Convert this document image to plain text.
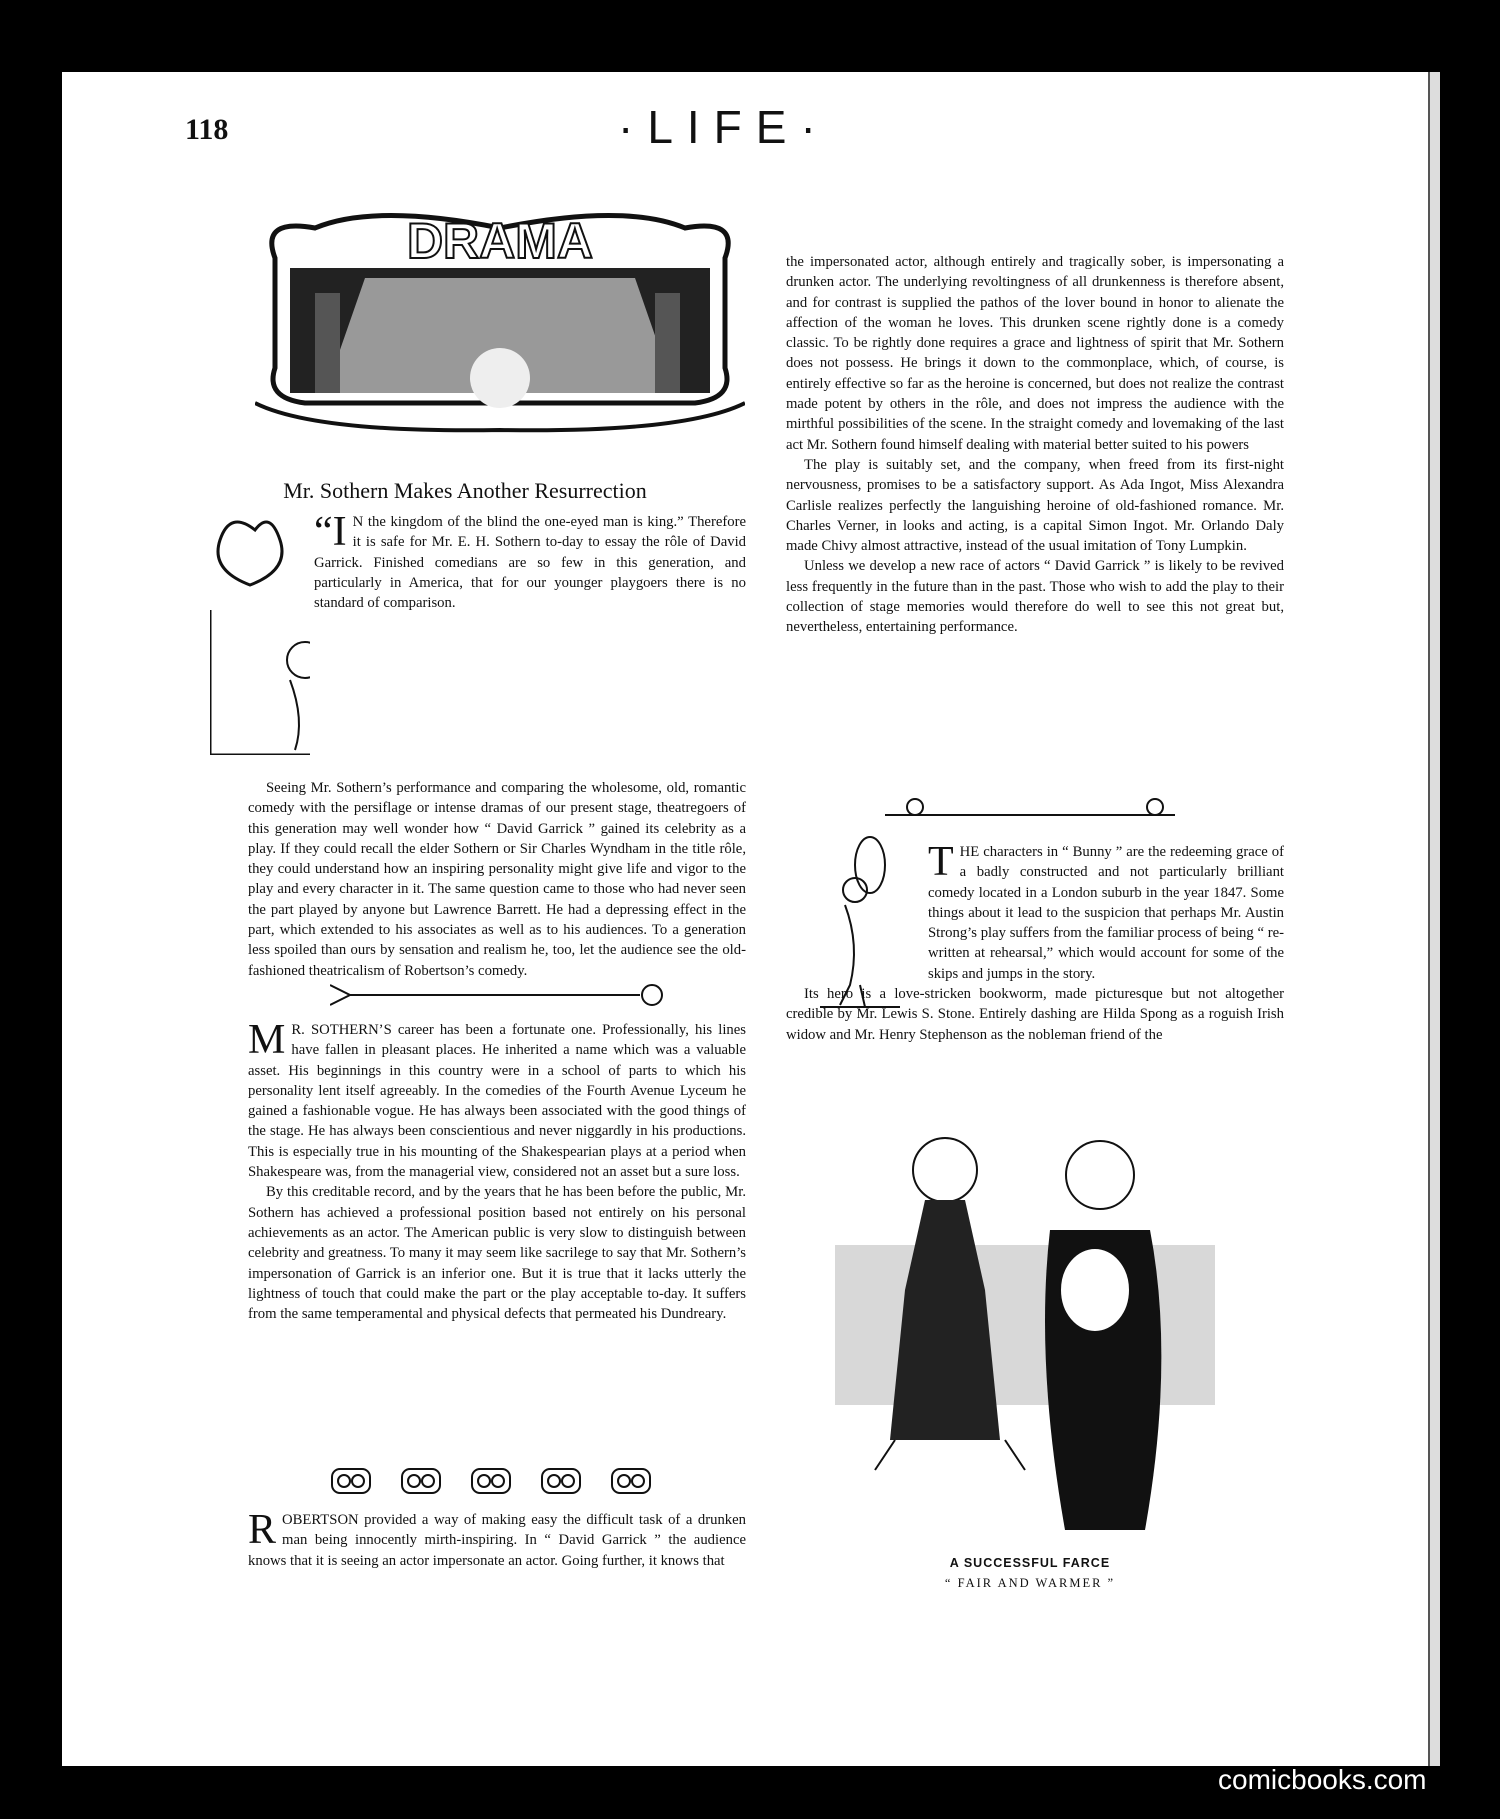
118	·LIFE·
DRAMA
Mr. Sothern Makes Another Resurrection

“I N the kingdom of the blind the one-eyed man is king.” Therefore it is safe for Mr. E. H. Sothern to-day to essay the rôle of David Garrick. Finished comedians are so few in this generation, and particularly in America, that for our younger playgoers there is no standard of comparison.

Seeing Mr. Sothern’s performance and comparing the wholesome, old, romantic comedy with the persiflage or intense dramas of our present stage, theatregoers of this generation may well wonder how “ David Garrick ” gained its celebrity as a play. If they could recall the elder Sothern or Sir Charles Wyndham in the title rôle, they could understand how an inspiring personality might give life and vigor to the play and every character in it. The same question came to those who had never seen the part played by anyone but Lawrence Barrett. He had a depressing effect in the part, which extended to his associates as well as to his audiences. To a generation less spoiled than ours by sensation and realism he, too, let the audience see the old-fashioned theatricalism of Robertson’s comedy.

M R. SOTHERN’S career has been a fortunate one. Professionally, his lines have fallen in pleasant places. He inherited a name which was a valuable asset. His beginnings in this country were in a school of parts to which his personality lent itself agreeably. In the comedies of the Fourth Avenue Lyceum he gained a fashionable vogue. He has always been associated with the good things of the stage. He has always been conscientious and never niggardly in his productions. This is especially true in his mounting of the Shakespearian plays at a period when Shakespeare was, from the managerial view, considered not an asset but a sure loss.

By this creditable record, and by the years that he has been before the public, Mr. Sothern has achieved a professional position based not entirely on his personal achievements as an actor. The American public is very slow to distinguish between celebrity and greatness. To many it may seem like sacrilege to say that Mr. Sothern’s impersonation of Garrick is an inferior one. But it is true that it lacks utterly the lightness of touch that could make the part or the play acceptable to-day. It suffers from the same temperamental and physical defects that permeated his Dundreary.

ROBERTSON provided a way of making easy the difficult task of a drunken man being innocently mirth-inspiring. In “ David Garrick ” the audience knows that it is seeing an actor impersonate an actor. Going further, it knows that

the impersonated actor, although entirely and tragically sober, is impersonating a drunken actor. The underlying revoltingness of all drunkenness is therefore absent, and for contrast is supplied the pathos of the lover bound in honor to alienate the affection of the woman he loves. This drunken scene rightly done is a comedy classic. To be rightly done requires a grace and lightness of spirit that Mr. Sothern does not possess. He brings it down to the commonplace, which, of course, is entirely effective so far as the heroine is concerned, but does not realize the contrast made potent by others in the rôle, and does not impress the audience with the mirthful possibilities of the scene. In the straight comedy and lovemaking of the last act Mr. Sothern found himself dealing with material better suited to his powers

The play is suitably set, and the company, when freed from its first-night nervousness, promises to be a satisfactory support. As Ada Ingot, Miss Alexandra Carlisle realizes perfectly the languishing heroine of old-fashioned romance. Mr. Charles Verner, in looks and acting, is a capital Simon Ingot. Mr. Orlando Daly made Chivy almost attractive, instead of the usual imitation of Tony Lumpkin.

Unless we develop a new race of actors “ David Garrick ” is likely to be revived less frequently in the future than in the past. Those who wish to add the play to their collection of stage memories would therefore do well to see this not great but, nevertheless, entertaining performance.

THE characters in “ Bunny ” are the redeeming grace of a badly constructed and not particularly brilliant comedy located in a London suburb in the year 1847. Some things about it lead to the suspicion that perhaps Mr. Austin Strong’s play suffers from the familiar process of being “ re-written at rehearsal,” which would account for some of the skips and jumps in the story.

Its hero is a love-stricken bookworm, made picturesque but not altogether credible by Mr. Lewis S. Stone. Entirely dashing are Hilda Spong as a roguish Irish widow and Mr. Henry Stephenson as the nobleman friend of the

A SUCCESSFUL FARCE
“ FAIR AND WARMER ”
comicbooks.com
